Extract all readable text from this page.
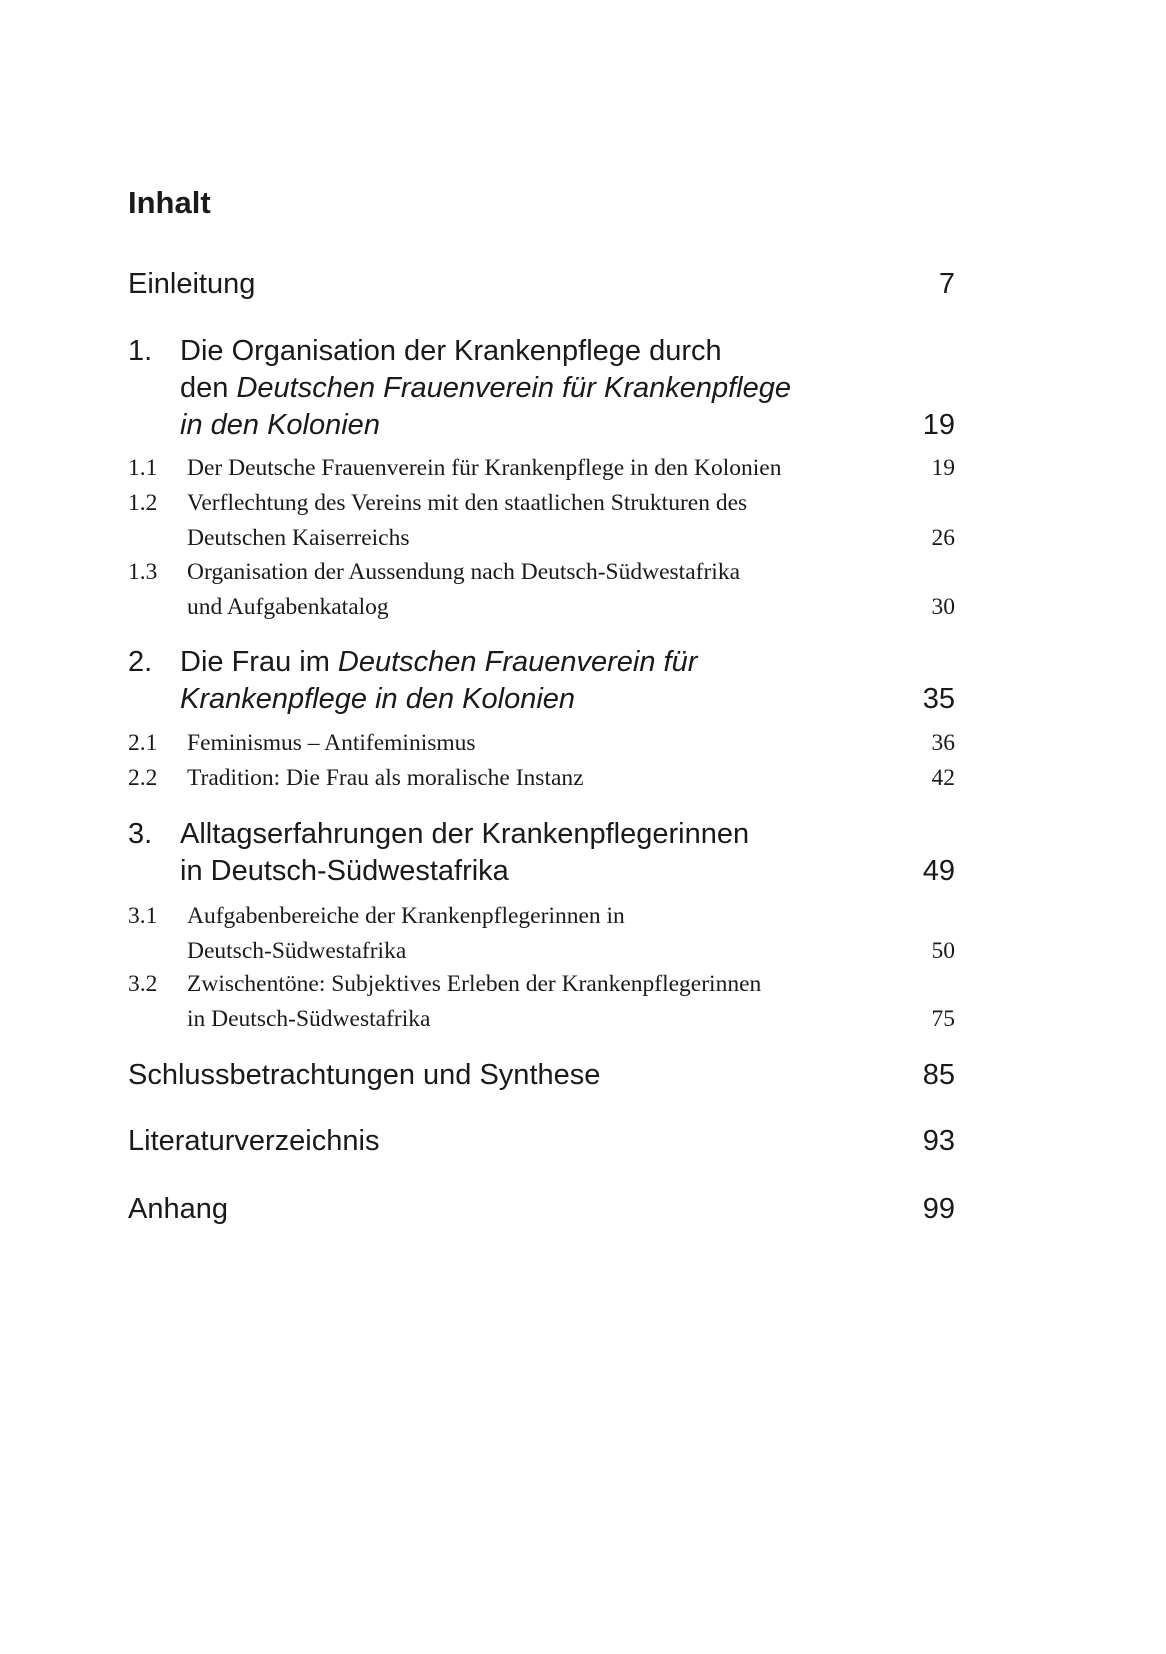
Inhalt
Einleitung	7
1. Die Organisation der Krankenpflege durch
den Deutschen Frauenverein für Krankenpflege
in den Kolonien	19
1.1	Der Deutsche Frauenverein für Krankenpflege in den Kolonien	19
1.2	Verflechtung des Vereins mit den staatlichen Strukturen des
Deutschen Kaiserreichs	26
1.3	Organisation der Aussendung nach Deutsch-Südwestafrika
und Aufgabenkatalog	30
2. Die Frau im Deutschen Frauenverein für
Krankenpflege in den Kolonien	35
2.1	Feminismus – Antifeminismus	36
2.2	Tradition: Die Frau als moralische Instanz	42
3. Alltagserfahrungen der Krankenpflegerinnen
in Deutsch-Südwestafrika	49
3.1	Aufgabenbereiche der Krankenpflegerinnen in
Deutsch-Südwestafrika	50
3.2	Zwischentöne: Subjektives Erleben der Krankenpflegerinnen
in Deutsch-Südwestafrika	75
Schlussbetrachtungen und Synthese	85
Literaturverzeichnis	93
Anhang	99
